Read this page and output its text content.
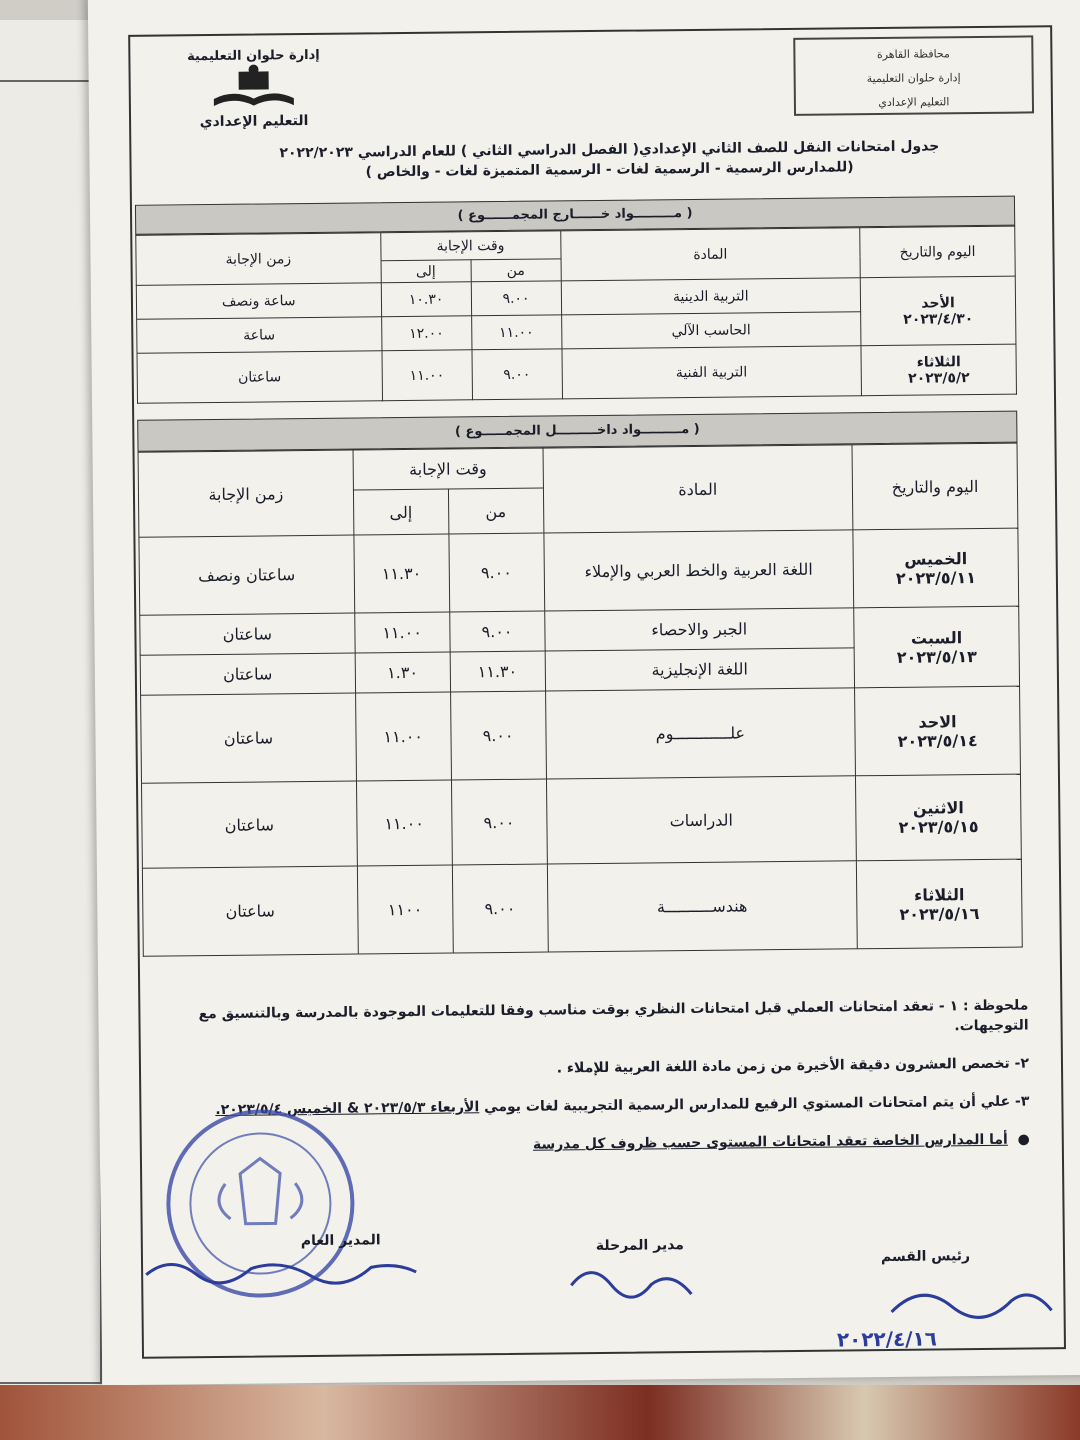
محافظة القاهرة
إدارة حلوان التعليمية
التعليم الإعدادي
إدارة حلوان التعليمية
التعليم الإعدادي
جدول امتحانات النقل للصف الثاني الإعدادي( الفصل الدراسي الثاني ) للعام الدراسي ٢٠٢٢/٢٠٢٣
(للمدارس الرسمية - الرسمية لغات - الرسمية المتميزة لغات - والخاص )
( مـــــــــواد خــــــارج المجمــــــوع )
اليوم والتاريخ	المادة	وقت الإجابة		زمن الإجابة
		من	إلى	

الأحد
٢٠٢٣/٤/٣٠	التربية الدينية	٩.٠٠	١٠.٣٠	ساعة ونصف
	الحاسب الآلي	١١.٠٠	١٢.٠٠	ساعة

الثلاثاء
٢٠٢٣/٥/٢	التربية الفنية	٩.٠٠	١١.٠٠	ساعتان
( مـــــــــواد داخـــــــــل المجمـــــوع )
اليوم والتاريخ	المادة	وقت الإجابة		زمن الإجابة
		من	إلى	

الخميس
٢٠٢٣/٥/١١	اللغة العربية والخط العربي والإملاء	٩.٠٠	١١.٣٠	ساعتان ونصف

السبت
٢٠٢٣/٥/١٣	الجبر والاحصاء	٩.٠٠	١١.٠٠	ساعتان
	اللغة الإنجليزية	١١.٣٠	١.٣٠	ساعتان

الاحد
٢٠٢٣/٥/١٤	علــــــــــــوم	٩.٠٠	١١.٠٠	ساعتان

الاثنين
٢٠٢٣/٥/١٥	الدراسات	٩.٠٠	١١.٠٠	ساعتان

الثلاثاء
٢٠٢٣/٥/١٦	هندســــــــــة	٩.٠٠	١١٠٠	ساعتان
ملحوظة : ١ - تعقد امتحانات العملي قبل امتحانات النظري بوقت مناسب وفقا للتعليمات الموجودة بالمدرسة وبالتنسيق مع التوجيهات.
٢- تخصص العشرون دقيقة الأخيرة من زمن مادة اللغة العربية للإملاء .
٣- علي أن يتم امتحانات المستوي الرفيع للمدارس الرسمية التجريبية لغات يومي الأربعاء ٢٠٢٣/٥/٣ & الخميس ٢٠٢٣/٥/٤.
●  أما المدارس الخاصة تعقد امتحانات المستوى حسب ظروف كل مدرسة
المدير العام	مدير المرحلة
رئيس القسم
٢٠٢٢/٤/١٦
